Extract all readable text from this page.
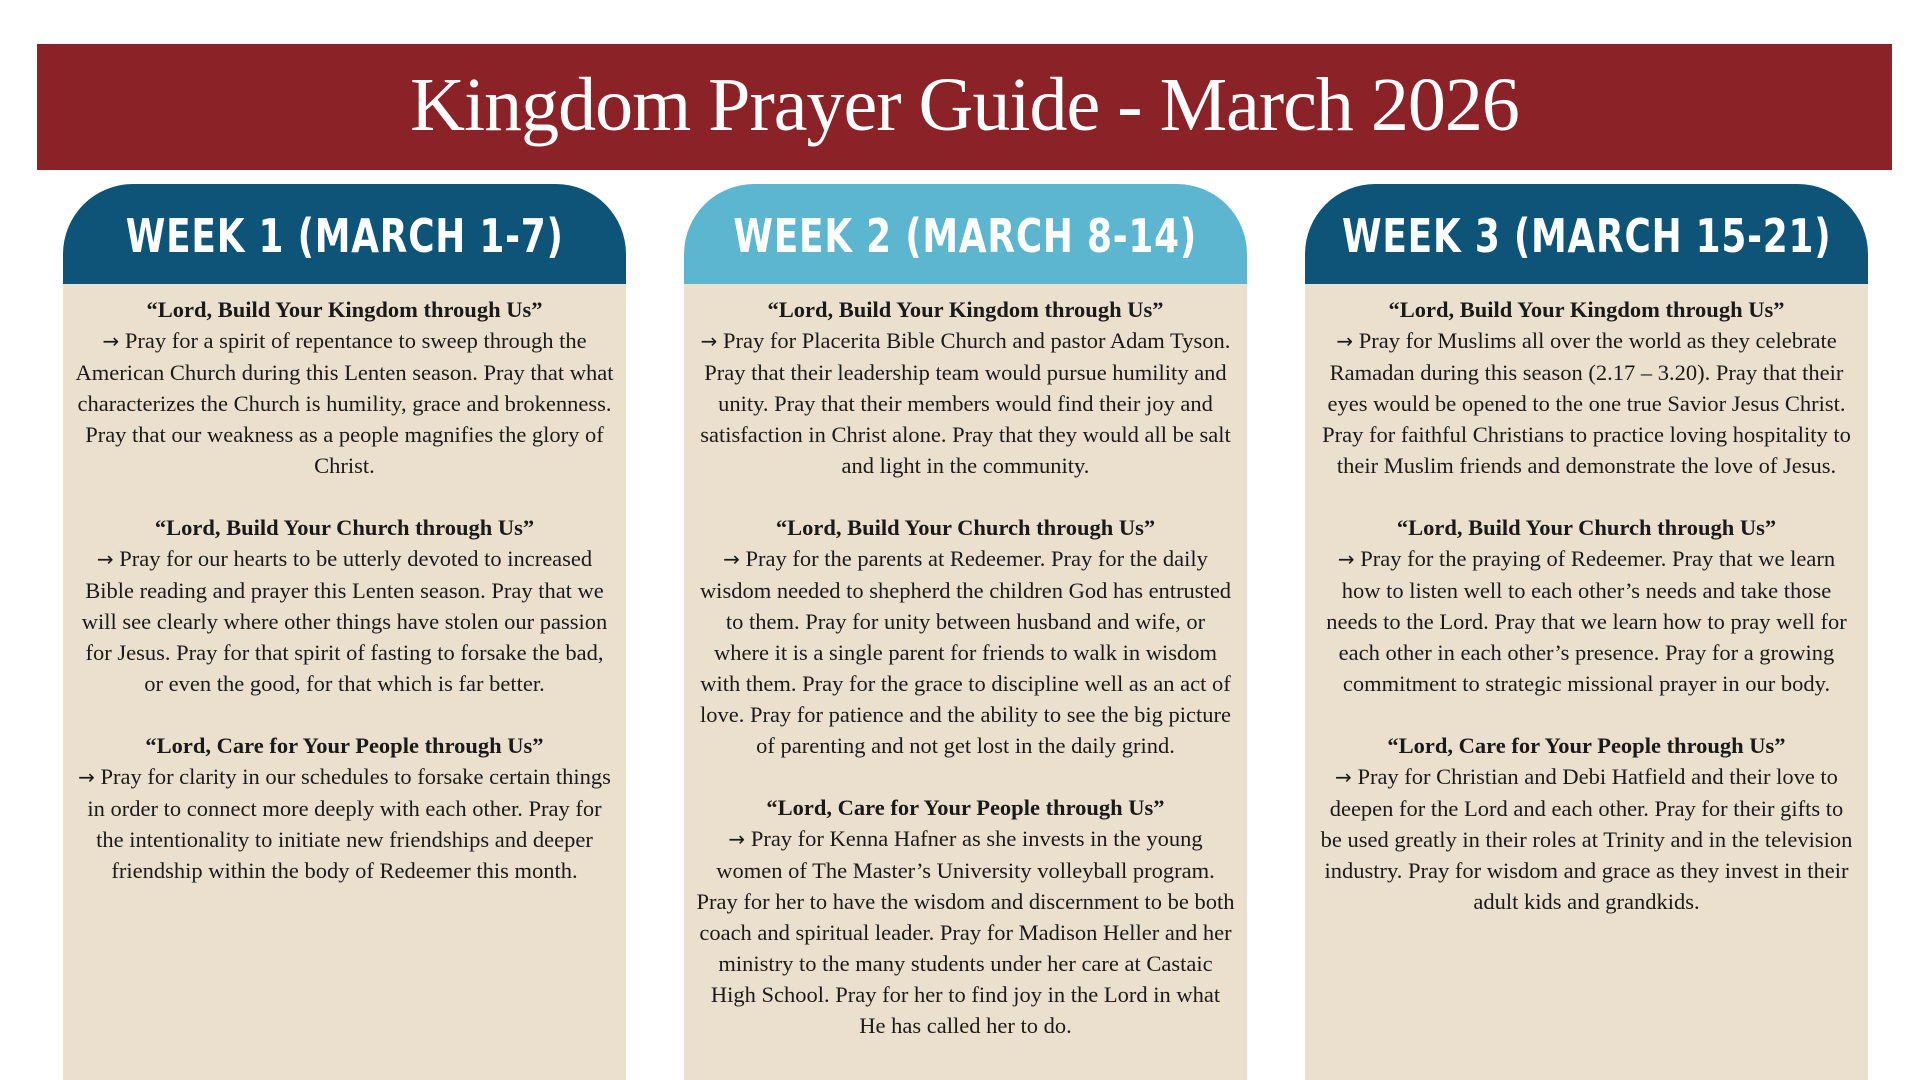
Kingdom Prayer Guide - March 2026
WEEK 1 (MARCH 1-7)

“Lord, Build Your Kingdom through Us”

→ Pray for a spirit of repentance to sweep through the American Church during this Lenten season. Pray that what characterizes the Church is humility, grace and brokenness. Pray that our weakness as a people magnifies the glory of Christ.

“Lord, Build Your Church through Us”

→ Pray for our hearts to be utterly devoted to increased Bible reading and prayer this Lenten season. Pray that we will see clearly where other things have stolen our passion for Jesus. Pray for that spirit of fasting to forsake the bad, or even the good, for that which is far better.

“Lord, Care for Your People through Us”

→ Pray for clarity in our schedules to forsake certain things in order to connect more deeply with each other. Pray for the intentionality to initiate new friendships and deeper friendship within the body of Redeemer this month.

WEEK 2 (MARCH 8-14)

“Lord, Build Your Kingdom through Us”

→ Pray for Placerita Bible Church and pastor Adam Tyson. Pray that their leadership team would pursue humility and unity. Pray that their members would find their joy and satisfaction in Christ alone. Pray that they would all be salt and light in the community.

“Lord, Build Your Church through Us”

→ Pray for the parents at Redeemer. Pray for the daily wisdom needed to shepherd the children God has entrusted to them. Pray for unity between husband and wife, or where it is a single parent for friends to walk in wisdom with them. Pray for the grace to discipline well as an act of love. Pray for patience and the ability to see the big picture of parenting and not get lost in the daily grind.

“Lord, Care for Your People through Us”

→ Pray for Kenna Hafner as she invests in the young women of The Master’s University volleyball program. Pray for her to have the wisdom and discernment to be both coach and spiritual leader. Pray for Madison Heller and her ministry to the many students under her care at Castaic High School. Pray for her to find joy in the Lord in what He has called her to do.

WEEK 3 (MARCH 15-21)

“Lord, Build Your Kingdom through Us”

→ Pray for Muslims all over the world as they celebrate Ramadan during this season (2.17 – 3.20). Pray that their eyes would be opened to the one true Savior Jesus Christ. Pray for faithful Christians to practice loving hospitality to their Muslim friends and demonstrate the love of Jesus.

“Lord, Build Your Church through Us”

→ Pray for the praying of Redeemer. Pray that we learn how to listen well to each other’s needs and take those needs to the Lord. Pray that we learn how to pray well for each other in each other’s presence. Pray for a growing commitment to strategic missional prayer in our body.

“Lord, Care for Your People through Us”

→ Pray for Christian and Debi Hatfield and their love to deepen for the Lord and each other. Pray for their gifts to be used greatly in their roles at Trinity and in the television industry. Pray for wisdom and grace as they invest in their adult kids and grandkids.
